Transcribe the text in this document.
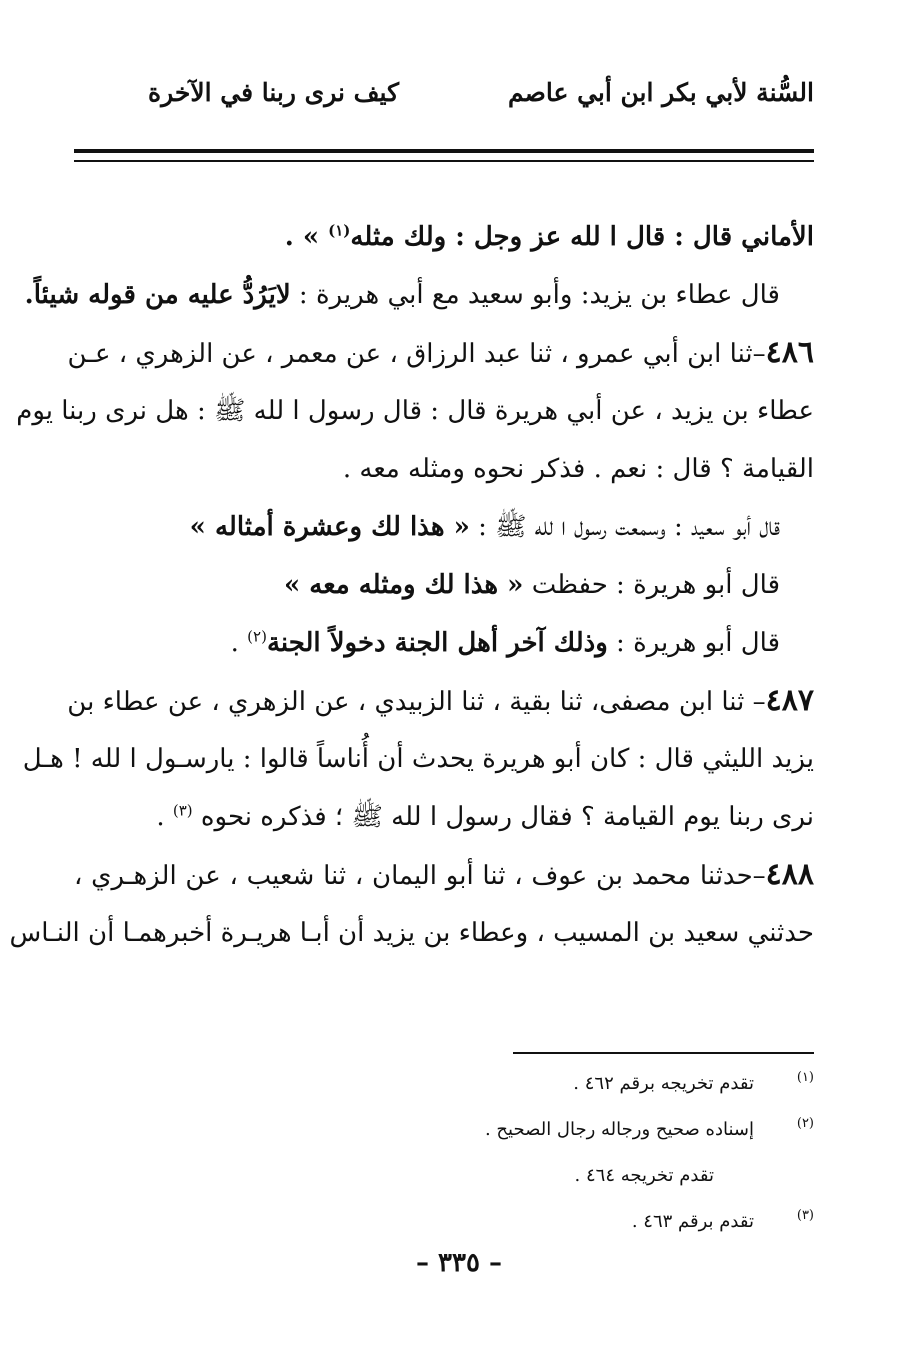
السُّنة لأبي بكر ابن أبي عاصم
كيف نرى ربنا في الآخرة
الأماني قال : قال ا لله عز وجل : ولك مثله$^{(١)}$ » .
قال عطاء بن يزيد: وأبو سعيد مع أبي هريرة : لايَرُدُّ عليه من قوله شيئاً.
٤٨٦–ثنا ابن أبي عمرو ، ثنا عبد الرزاق ، عن معمر ، عن الزهري ، عـن
عطاء بن يزيد ، عن أبي هريرة قال : قال رسول ا لله ﷺ : هل نرى ربنا يوم
القيامة ؟ قال : نعم . فذكر نحوه ومثله معه .
قال أبو سعيد : وسمعت رسول ا لله ﷺ : « هذا لك وعشرة أمثاله »
قال أبو هريرة : حفظت « هذا لك ومثله معه »
قال أبو هريرة : وذلك آخر أهل الجنة دخولاً الجنة$^{(٢)}$ .
٤٨٧– ثنا ابن مصفى، ثنا بقية ، ثنا الزبيدي ، عن الزهري ، عن عطاء بن
يزيد الليثي قال : كان أبو هريرة يحدث أن أُناساً قالوا : يارسـول ا لله ! هـل
نرى ربنا يوم القيامة ؟ فقال رسول ا لله ﷺ ؛ فذكره نحوه $^{(٣)}$ .
٤٨٨–حدثنا محمد بن عوف ، ثنا أبو اليمان ، ثنا شعيب ، عن الزهـري ،
حدثني سعيد بن المسيب ، وعطاء بن يزيد أن أبـا هريـرة أخبرهمـا أن النـاس
(١)
تقدم تخريجه برقم ٤٦٢ .
(٢)
إسناده صحيح ورجاله رجال الصحيح .
تقدم تخريجه ٤٦٤ .
(٣)
تقدم برقم ٤٦٣ .
– ٣٣٥ –
